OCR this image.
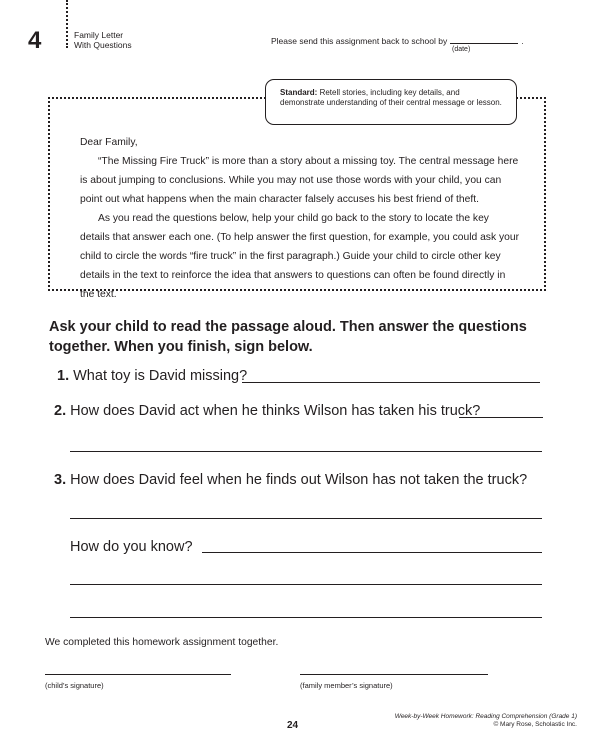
4	Family Letter
With Questions	Please send this assignment back to school by	.
(date)
Standard: Retell stories, including key details, and demonstrate understanding of their central message or lesson.

Dear Family,

“The Missing Fire Truck” is more than a story about a missing toy. The central message here is about jumping to conclusions. While you may not use those words with your child, you can point out what happens when the main character falsely accuses his best friend of theft.

As you read the questions below, help your child go back to the story to locate the key details that answer each one. (To help answer the first question, for example, you could ask your child to circle the words “fire truck” in the first paragraph.) Guide your child to circle other key details in the text to reinforce the idea that answers to questions can often be found directly in the text.

Ask your child to read the passage aloud. Then answer the questions together. When you finish, sign below.
1. What toy is David missing?
2. How does David act when he thinks Wilson has taken his truck?
3. How does David feel when he finds out Wilson has not taken the truck?
How do you know?
We completed this homework assignment together.
(child’s signature)	(family member’s signature)
24
Week-by-Week Homework: Reading Comprehension (Grade 1)
© Mary Rose, Scholastic Inc.
